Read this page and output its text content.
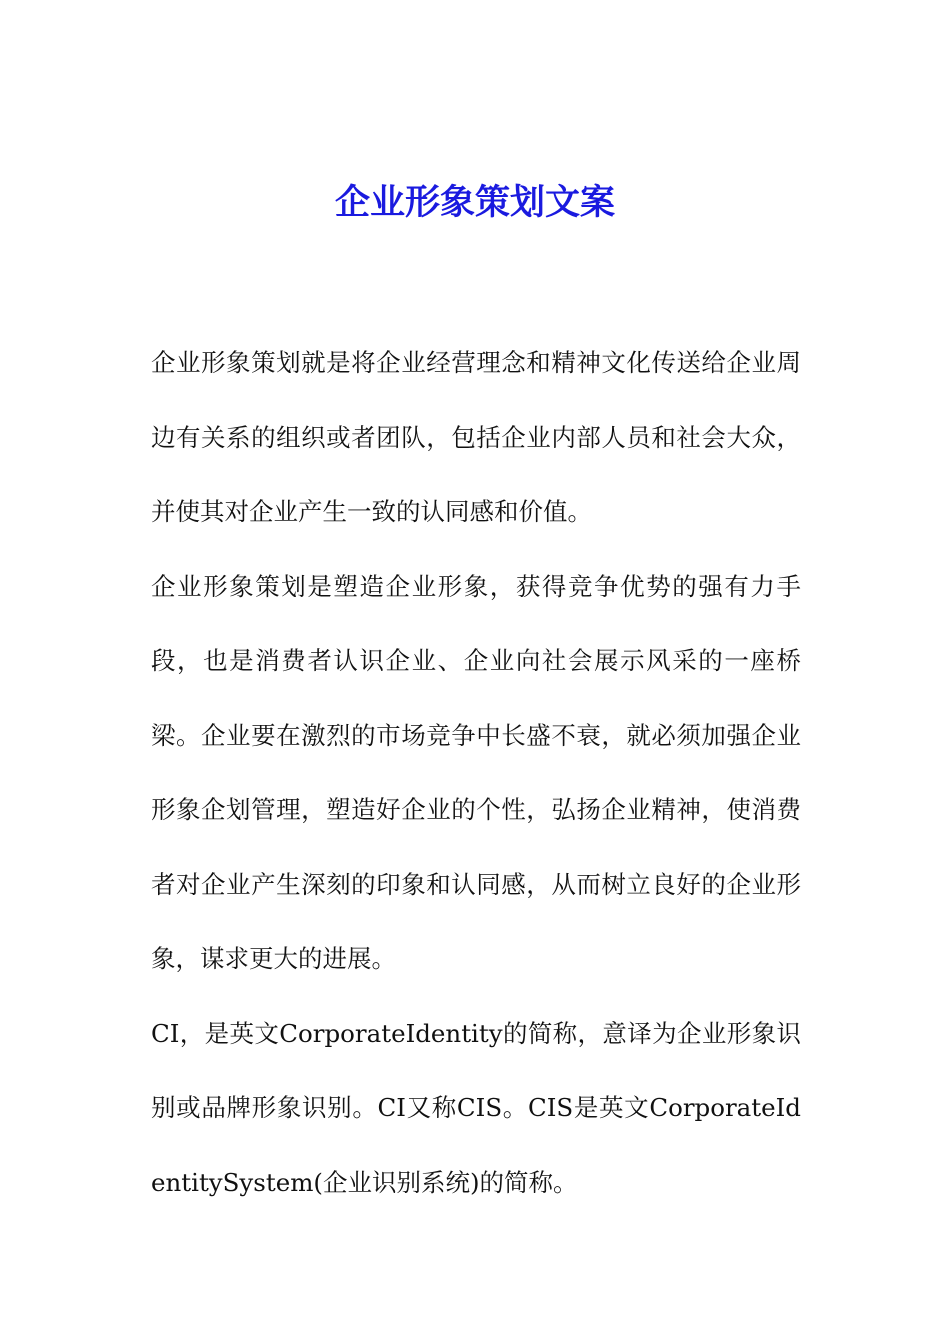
企业形象策划文案

企业形象策划就是将企业经营理念和精神文化传送给企业周边有关系的组织或者团队，包括企业内部人员和社会大众，并使其对企业产生一致的认同感和价值。

企业形象策划是塑造企业形象，获得竞争优势的强有力手段，也是消费者认识企业、企业向社会展示风采的一座桥梁。企业要在激烈的市场竞争中长盛不衰，就必须加强企业形象企划管理，塑造好企业的个性，弘扬企业精神，使消费者对企业产生深刻的印象和认同感，从而树立良好的企业形象，谋求更大的进展。

CI，是英文CorporateIdentity的简称，意译为企业形象识别或品牌形象识别。CI又称CIS。CIS是英文CorporateIdentitySystem(企业识别系统)的简称。
